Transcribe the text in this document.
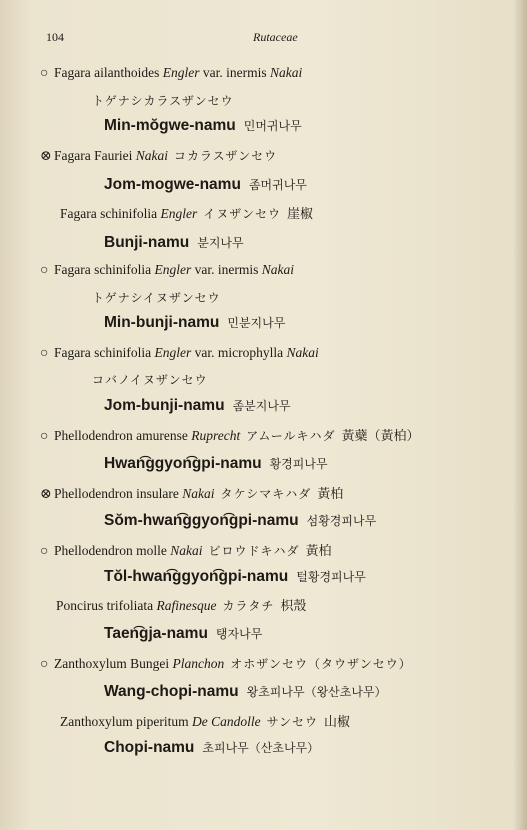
104	Rutaceae
○ Fagara ailanthoides Engler var. inermis Nakai
トゲナシカラスザンセウ
Min-mŏgwe-namu 민머귀나무
⊗ Fagara Fauriei Nakai コカラスザンセウ
Jom-mogwe-namu 좀머귀나무
Fagara schinifolia Engler イヌザンセウ 崖椒
Bunji-namu 분지나무
○ Fagara schinifolia Engler var. inermis Nakai
トゲナシイヌザンセウ
Min-bunji-namu 민분지나무
○ Fagara schinifolia Engler var. microphylla Nakai
コバノイヌザンセウ
Jom-bunji-namu 좀분지나무
○ Phellodendron amurense Ruprecht アムールキハダ 黃蘗（黃柏）
Hwan͡ggyon͡gpi-namu 황경피나무
⊗ Phellodendron insulare Nakai タケシマキハダ 黃柏
Sŏm-hwan͡ggyon͡gpi-namu 섬황경피나무
○ Phellodendron molle Nakai ビロウドキハダ 黃柏
Tŏl-hwan͡ggyon͡gpi-namu 털황경피나무
Poncirus trifoliata Rafinesque カラタチ 枳殼
Taen͡gja-namu 탱자나무
○ Zanthoxylum Bungei Planchon オホザンセウ（タウザンセウ）
Wang-chopi-namu 왕초피나무（왕산초나무）
Zanthoxylum piperitum De Candolle サンセウ 山椒
Chopi-namu 초피나무（산초나무）
